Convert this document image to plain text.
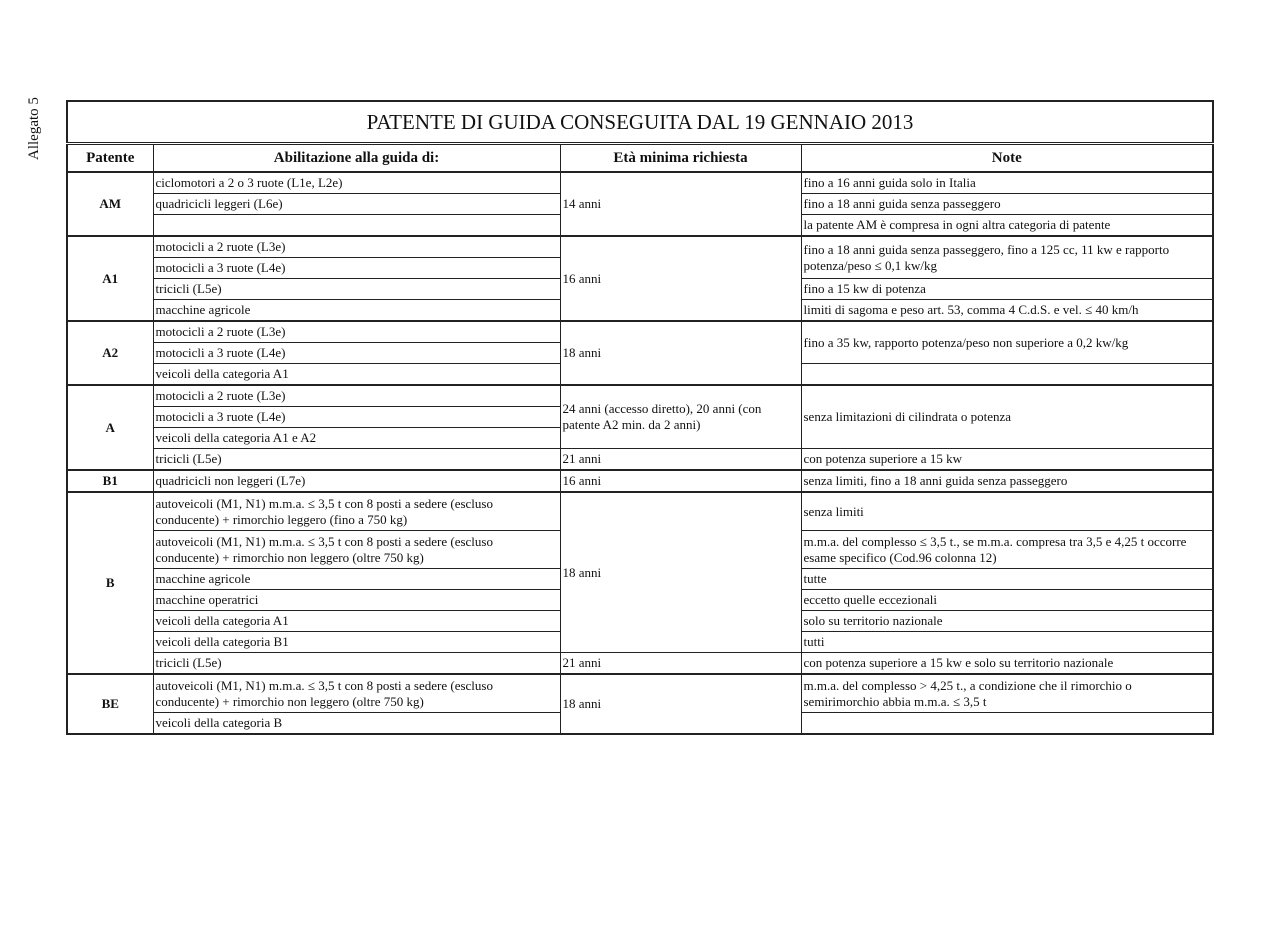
Allegato 5	PATENTE DI GUIDA CONSEGUITA DAL 19 GENNAIO 2013			
Patente	Abilitazione alla guida di:	Età minima richiesta	Note
AM	ciclomotori a 2 o 3 ruote (L1e, L2e)	14 anni	fino a 16 anni guida solo in Italia
	quadricicli leggeri (L6e)		fino a 18 anni guida senza passeggero
			la patente AM è compresa in ogni altra categoria di patente
A1	motocicli a 2 ruote (L3e)	16 anni	fino a 18 anni guida senza passeggero, fino a 125 cc, 11 kw e rapporto potenza/peso ≤ 0,1 kw/kg
	motocicli a 3 ruote (L4e)		
	tricicli (L5e)		fino a 15 kw di potenza
	macchine agricole		limiti di sagoma e peso art. 53, comma 4 C.d.S. e vel. ≤ 40 km/h
A2	motocicli a 2 ruote (L3e)	18 anni	fino a 35 kw, rapporto potenza/peso non superiore a 0,2 kw/kg
	motocicli a 3 ruote (L4e)		
	veicoli della categoria A1		
A	motocicli a 2 ruote (L3e)	24 anni (accesso diretto), 20 anni (con patente A2 min. da 2 anni)	senza limitazioni di cilindrata o potenza
	motocicli a 3 ruote (L4e)		
	veicoli della categoria A1 e A2		
	tricicli (L5e)	21 anni	con potenza superiore a 15 kw
B1	quadricicli non leggeri (L7e)	16 anni	senza limiti, fino a 18 anni guida senza passeggero
B	autoveicoli (M1, N1) m.m.a. ≤ 3,5 t con 8 posti a sedere (escluso conducente) + rimorchio leggero (fino a 750 kg)	18 anni	senza limiti
	autoveicoli (M1, N1) m.m.a. ≤ 3,5 t con 8 posti a sedere (escluso conducente) + rimorchio non leggero (oltre 750 kg)		m.m.a. del complesso ≤ 3,5 t., se m.m.a. compresa tra 3,5 e 4,25 t occorre esame specifico (Cod.96 colonna 12)
	macchine agricole		tutte
	macchine operatrici		eccetto quelle eccezionali
	veicoli della categoria A1		solo su territorio nazionale
	veicoli della categoria B1		tutti
	tricicli (L5e)	21 anni	con potenza superiore a 15 kw e solo su territorio nazionale
BE	autoveicoli (M1, N1) m.m.a. ≤ 3,5 t con 8 posti a sedere (escluso conducente) + rimorchio non leggero (oltre 750 kg)	18 anni	m.m.a. del complesso > 4,25 t., a condizione che il rimorchio o semirimorchio abbia m.m.a. ≤ 3,5 t
	veicoli della categoria B		
